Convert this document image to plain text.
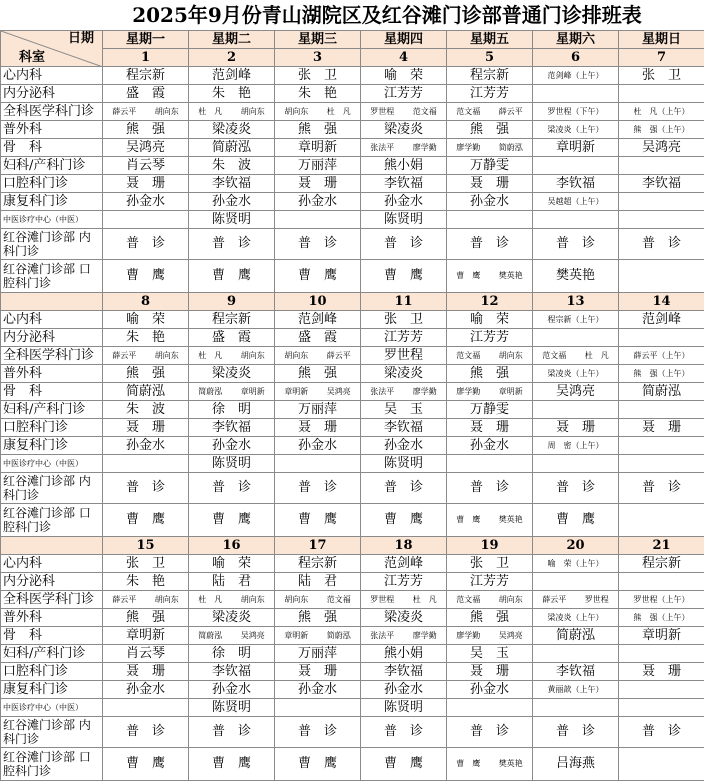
2025年9月份青山湖院区及红谷滩门诊部普通门诊排班表
日期
科室	星期一	星期二	星期三	星期四	星期五	星期六	星期日
	1	2	3	4	5	6	7
心内科	程宗新	范剑峰	张　卫	喻　荣	程宗新	范剑峰（上午）	张　卫
内分泌科	盛　霞	朱　艳	朱　艳	江芳芳	江芳芳		
全科医学科门诊	薛云平 胡向东	杜　凡 胡向东	胡向东 杜　凡	罗世程 范文福	范文福 薛云平	罗世程（下午）	杜　凡（上午）
普外科	熊　强	梁凌炎	熊　强	梁凌炎	熊　强	梁凌炎（上午）	熊　强（上午）
骨　科	吴鸿亮	简蔚泓	章明新	张法平 廖学勤	廖学勤 简蔚泓	章明新	吴鸿亮
妇科/产科门诊	肖云琴	朱　波	万丽萍	熊小娟	万静雯		
口腔科门诊	聂　珊	李钦福	聂　珊	李钦福	聂　珊	李钦福	李钦福
康复科门诊	孙金水	孙金水	孙金水	孙金水	孙金水	吴越超（上午）	
中医诊疗中心（中医）		陈贤明		陈贤明			
红谷滩门诊部 内科门诊	普　诊	普　诊	普　诊	普　诊	普　诊	普　诊	普　诊
红谷滩门诊部 口腔科门诊	曹　鹰	曹　鹰	曹　鹰	曹　鹰	曹　鹰 樊英艳	樊英艳	
	8	9	10	11	12	13	14
心内科	喻　荣	程宗新	范剑峰	张　卫	喻　荣	程宗新（上午）	范剑峰
内分泌科	朱　艳	盛　霞	盛　霞	江芳芳	江芳芳		
全科医学科门诊	薛云平 胡向东	杜　凡 胡向东	胡向东 薛云平	罗世程	范文福 胡向东	范文福 杜　凡	薛云平（上午）
普外科	熊　强	梁凌炎	熊　强	梁凌炎	熊　强	梁凌炎（上午）	熊　强（上午）
骨　科	简蔚泓	简蔚泓 章明新	章明新 吴鸿亮	张法平 廖学勤	廖学勤 章明新	吴鸿亮	简蔚泓
妇科/产科门诊	朱　波	徐　明	万丽萍	吴　玉	万静雯		
口腔科门诊	聂　珊	李钦福	聂　珊	李钦福	聂　珊	聂　珊	聂　珊
康复科门诊	孙金水	孙金水	孙金水	孙金水	孙金水	周　密（上午）	
中医诊疗中心（中医）		陈贤明		陈贤明			
红谷滩门诊部 内科门诊	普　诊	普　诊	普　诊	普　诊	普　诊	普　诊	普　诊
红谷滩门诊部 口腔科门诊	曹　鹰	曹　鹰	曹　鹰	曹　鹰	曹　鹰 樊英艳	曹　鹰	
	15	16	17	18	19	20	21
心内科	张　卫	喻　荣	程宗新	范剑峰	张　卫	喻　荣（上午）	程宗新
内分泌科	朱　艳	陆　君	陆　君	江芳芳	江芳芳		
全科医学科门诊	薛云平 胡向东	杜　凡 胡向东	胡向东 范文福	罗世程 杜　凡	范文福 胡向东	薛云平 罗世程	罗世程（上午）
普外科	熊　强	梁凌炎	熊　强	梁凌炎	熊　强	梁凌炎（上午）	熊　强（上午）
骨　科	章明新	简蔚泓 吴鸿亮	章明新 简蔚泓	张法平 廖学勤	廖学勤 吴鸿亮	简蔚泓	章明新
妇科/产科门诊	肖云琴	徐　明	万丽萍	熊小娟	吴　玉		
口腔科门诊	聂　珊	李钦福	聂　珊	李钦福	聂　珊	李钦福	聂　珊
康复科门诊	孙金水	孙金水	孙金水	孙金水	孙金水	黄丽歆（上午）	
中医诊疗中心（中医）		陈贤明		陈贤明			
红谷滩门诊部 内科门诊	普　诊	普　诊	普　诊	普　诊	普　诊	普　诊	普　诊
红谷滩门诊部 口腔科门诊	曹　鹰	曹　鹰	曹　鹰	曹　鹰	曹　鹰 樊英艳	吕海燕	
